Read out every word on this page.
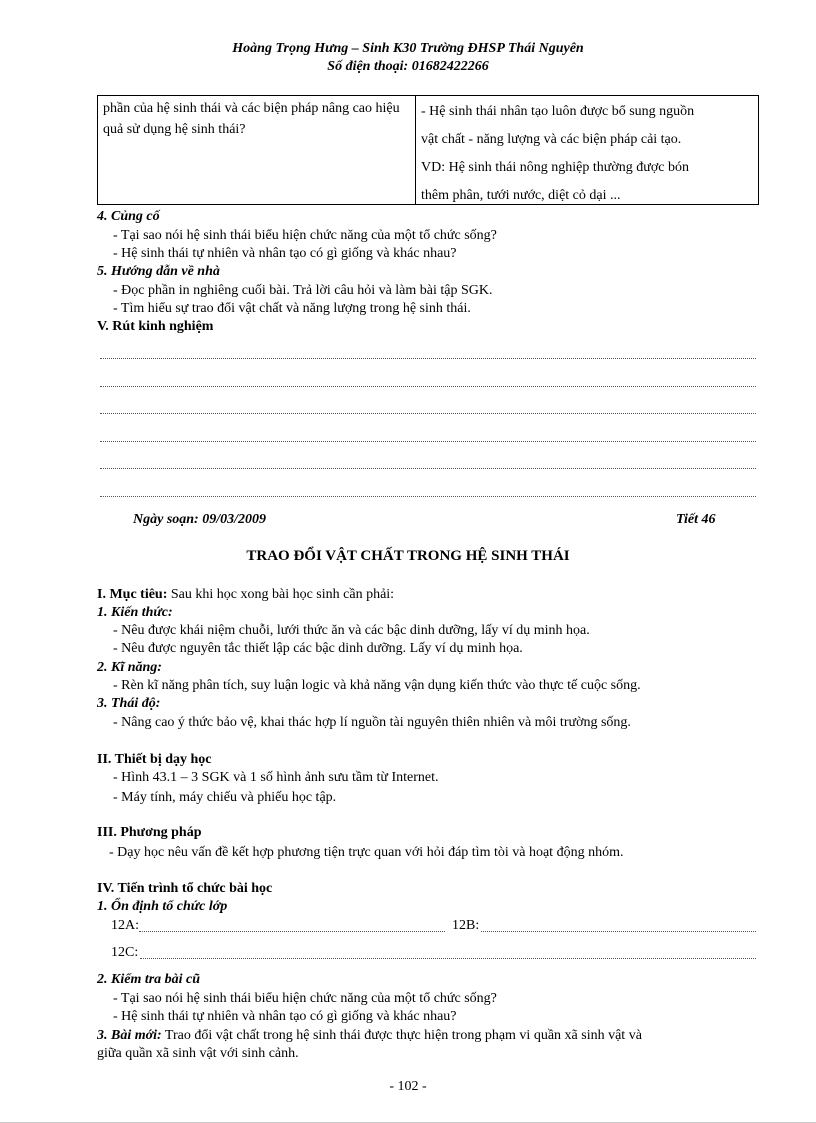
Hoàng Trọng Hưng – Sinh K30 Trường ĐHSP Thái Nguyên
Số điện thoại: 01682422266
phần của hệ sinh thái và các biện pháp nâng cao hiệu quả sử dụng hệ sinh thái?
- Hệ sinh thái nhân tạo luôn được bổ sung nguồn
vật chất - năng lượng và các biện pháp cải tạo.
VD: Hệ sinh thái nông nghiệp thường được bón
thêm phân, tưới nước, diệt cỏ dại ...
4. Củng cố
- Tại sao nói hệ sinh thái biểu hiện chức năng của một tổ chức sống?
- Hệ sinh thái tự nhiên và nhân tạo có gì giống và khác nhau?
5. Hướng dẫn về nhà
- Đọc phần in nghiêng cuối bài. Trả lời câu hỏi và làm bài tập SGK.
- Tìm hiểu sự trao đổi vật chất và năng lượng trong hệ sinh thái.
V. Rút kinh nghiệm
Ngày soạn: 09/03/2009	Tiết 46
TRAO ĐỔI VẬT CHẤT TRONG HỆ SINH THÁI
I. Mục tiêu: Sau khi học xong bài học sinh cần phải:
1. Kiến thức:
- Nêu được khái niệm chuỗi, lưới thức ăn và các bậc dinh dưỡng, lấy ví dụ minh họa.
- Nêu được nguyên tắc thiết lập các bậc dinh dưỡng. Lấy ví dụ minh họa.
2. Kĩ năng:
- Rèn kĩ năng phân tích, suy luận logic và khả năng vận dụng kiến thức vào thực tế cuộc sống.
3. Thái độ:
- Nâng cao ý thức bảo vệ, khai thác hợp lí nguồn tài nguyên thiên nhiên và môi trường sống.
II. Thiết bị dạy học
- Hình 43.1 – 3 SGK và 1 số hình ảnh sưu tầm từ Internet.
- Máy tính, máy chiếu và phiếu học tập.
III. Phương pháp
- Dạy học nêu vấn đề kết hợp phương tiện trực quan với hỏi đáp tìm tòi và hoạt động nhóm.
IV. Tiến trình tổ chức bài học
1. Ổn định tổ chức lớp
12A:	12B:
12C:
2. Kiểm tra bài cũ
- Tại sao nói hệ sinh thái biểu hiện chức năng của một tổ chức sống?
- Hệ sinh thái tự nhiên và nhân tạo có gì giống và khác nhau?
3. Bài mới: Trao đổi vật chất trong hệ sinh thái được thực hiện trong phạm vi quần xã sinh vật và
giữa quần xã sinh vật với sinh cảnh.
- 102 -
